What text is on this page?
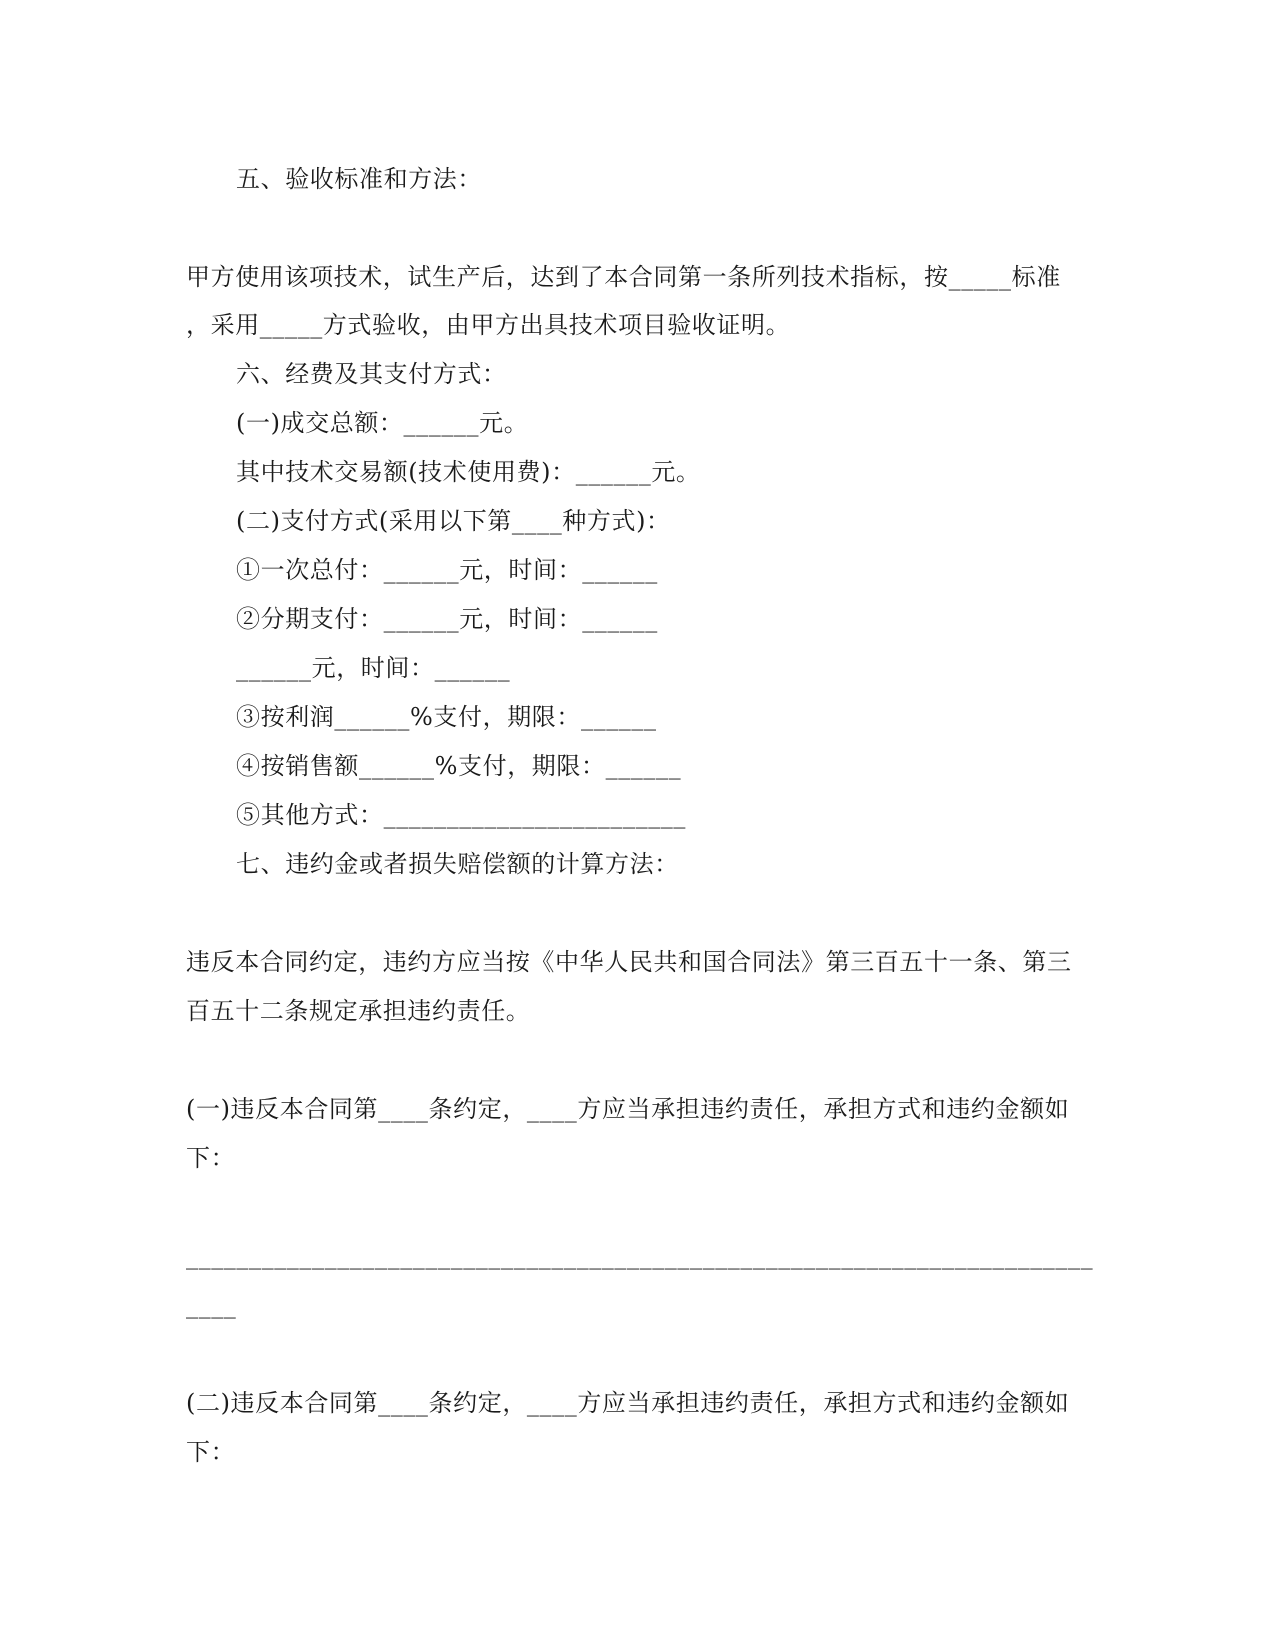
五、验收标准和方法：
甲方使用该项技术，试生产后，达到了本合同第一条所列技术指标，按_____标准
，采用_____方式验收，由甲方出具技术项目验收证明。
六、经费及其支付方式：
(一)成交总额：______元。
其中技术交易额(技术使用费)：______元。
(二)支付方式(采用以下第____种方式)：
①一次总付：______元，时间：______
②分期支付：______元，时间：______
______元，时间：______
③按利润______%支付，期限：______
④按销售额______%支付，期限：______
⑤其他方式：________________________
七、违约金或者损失赔偿额的计算方法：
违反本合同约定，违约方应当按《中华人民共和国合同法》第三百五十一条、第三
百五十二条规定承担违约责任。
(一)违反本合同第____条约定，____方应当承担违约责任，承担方式和违约金额如
下：
________________________________________________________________________
____
(二)违反本合同第____条约定，____方应当承担违约责任，承担方式和违约金额如
下：
